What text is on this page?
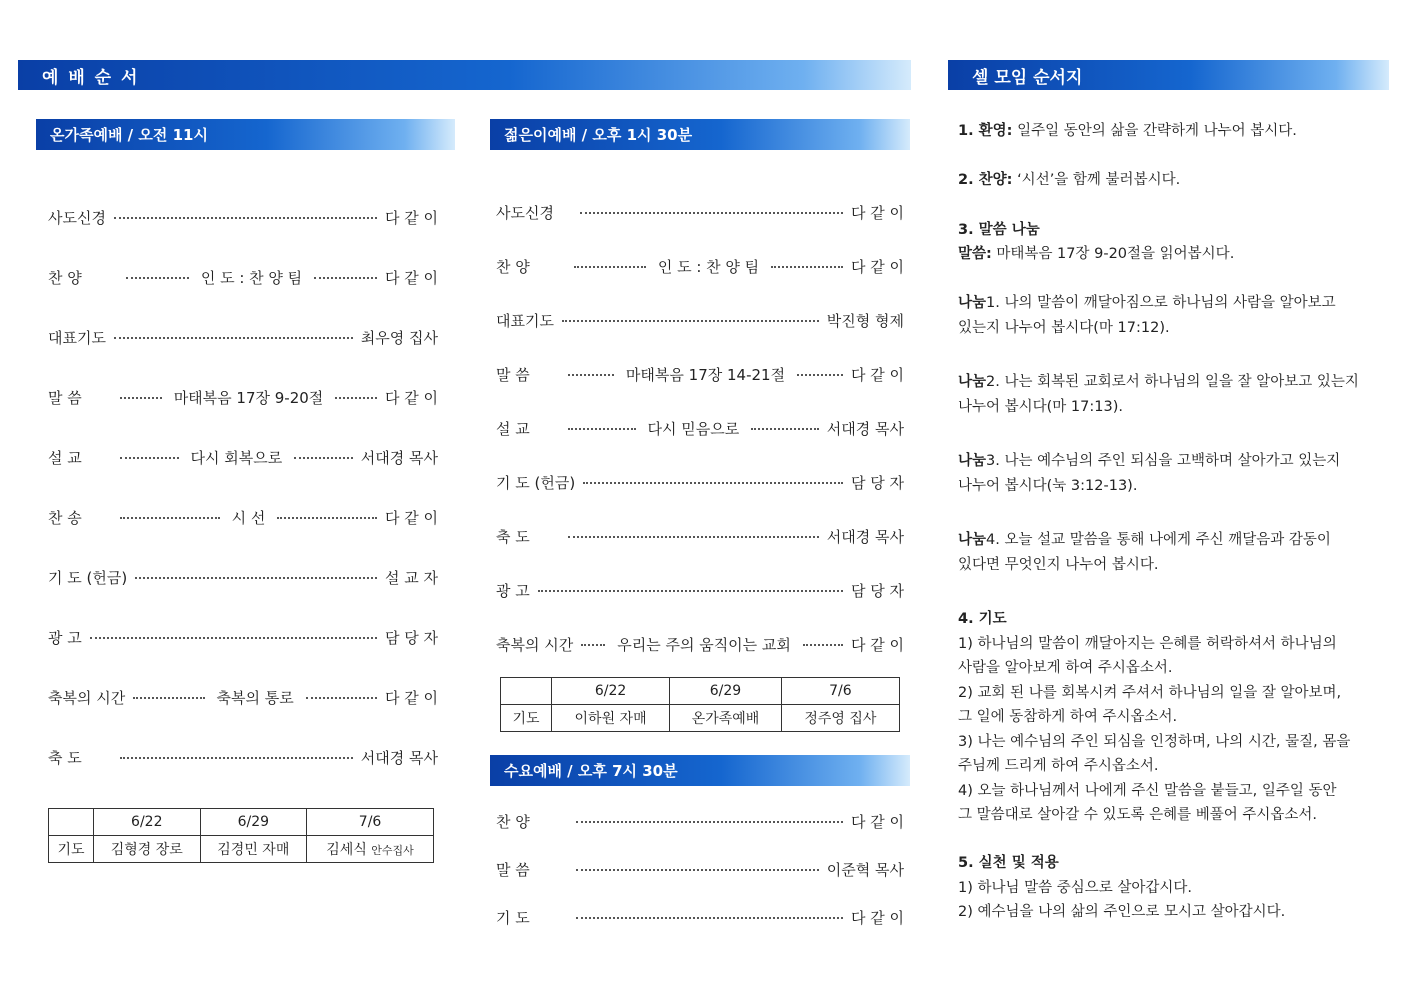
예 배 순 서	셀 모임 순서지
온가족예배 / 오전 11시
사도신경	다 같 이
찬 양	인 도 : 찬 양 팀	다 같 이
대표기도	최우영 집사
말 씀	마태복음 17장 9-20절	다 같 이
설 교	다시 회복으로	서대경 목사
찬 송	시 선	다 같 이
기 도 (헌금)	설 교 자
광 고	담 당 자
축복의 시간	축복의 통로	다 같 이
축 도	서대경 목사
	6/22	6/29	7/6
기도	김형경 장로	김경민 자매	김세식 안수집사
젊은이예배 / 오후 1시 30분
사도신경	다 같 이
찬 양	인 도 : 찬 양 팀	다 같 이
대표기도	박진형 형제
말 씀	마태복음 17장 14-21절	다 같 이
설 교	다시 믿음으로	서대경 목사
기 도 (헌금)	담 당 자
축 도	서대경 목사
광 고	담 당 자
축복의 시간	우리는 주의 움직이는 교회	다 같 이
	6/22	6/29	7/6
기도	이하원 자매	온가족예배	정주영 집사
수요예배 / 오후 7시 30분
찬 양	다 같 이
말 씀	이준혁 목사
기 도	다 같 이
1. 환영: 일주일 동안의 삶을 간략하게 나누어 봅시다.
2. 찬양: ‘시선’을 함께 불러봅시다.
3. 말씀 나눔
말씀: 마태복음 17장 9-20절을 읽어봅시다.
나눔1. 나의 말씀이 깨달아짐으로 하나님의 사람을 알아보고
있는지 나누어 봅시다(마 17:12).
나눔2. 나는 회복된 교회로서 하나님의 일을 잘 알아보고 있는지
나누어 봅시다(마 17:13).
나눔3. 나는 예수님의 주인 되심을 고백하며 살아가고 있는지
나누어 봅시다(눅 3:12-13).
나눔4. 오늘 설교 말씀을 통해 나에게 주신 깨달음과 감동이
있다면 무엇인지 나누어 봅시다.
4. 기도
1) 하나님의 말씀이 깨달아지는 은혜를 허락하셔서 하나님의
사람을 알아보게 하여 주시옵소서.
2) 교회 된 나를 회복시켜 주셔서 하나님의 일을 잘 알아보며,
그 일에 동참하게 하여 주시옵소서.
3) 나는 예수님의 주인 되심을 인정하며, 나의 시간, 물질, 몸을
주님께 드리게 하여 주시옵소서.
4) 오늘 하나님께서 나에게 주신 말씀을 붙들고, 일주일 동안
그 말씀대로 살아갈 수 있도록 은혜를 베풀어 주시옵소서.
5. 실천 및 적용
1) 하나님 말씀 중심으로 살아갑시다.
2) 예수님을 나의 삶의 주인으로 모시고 살아갑시다.
